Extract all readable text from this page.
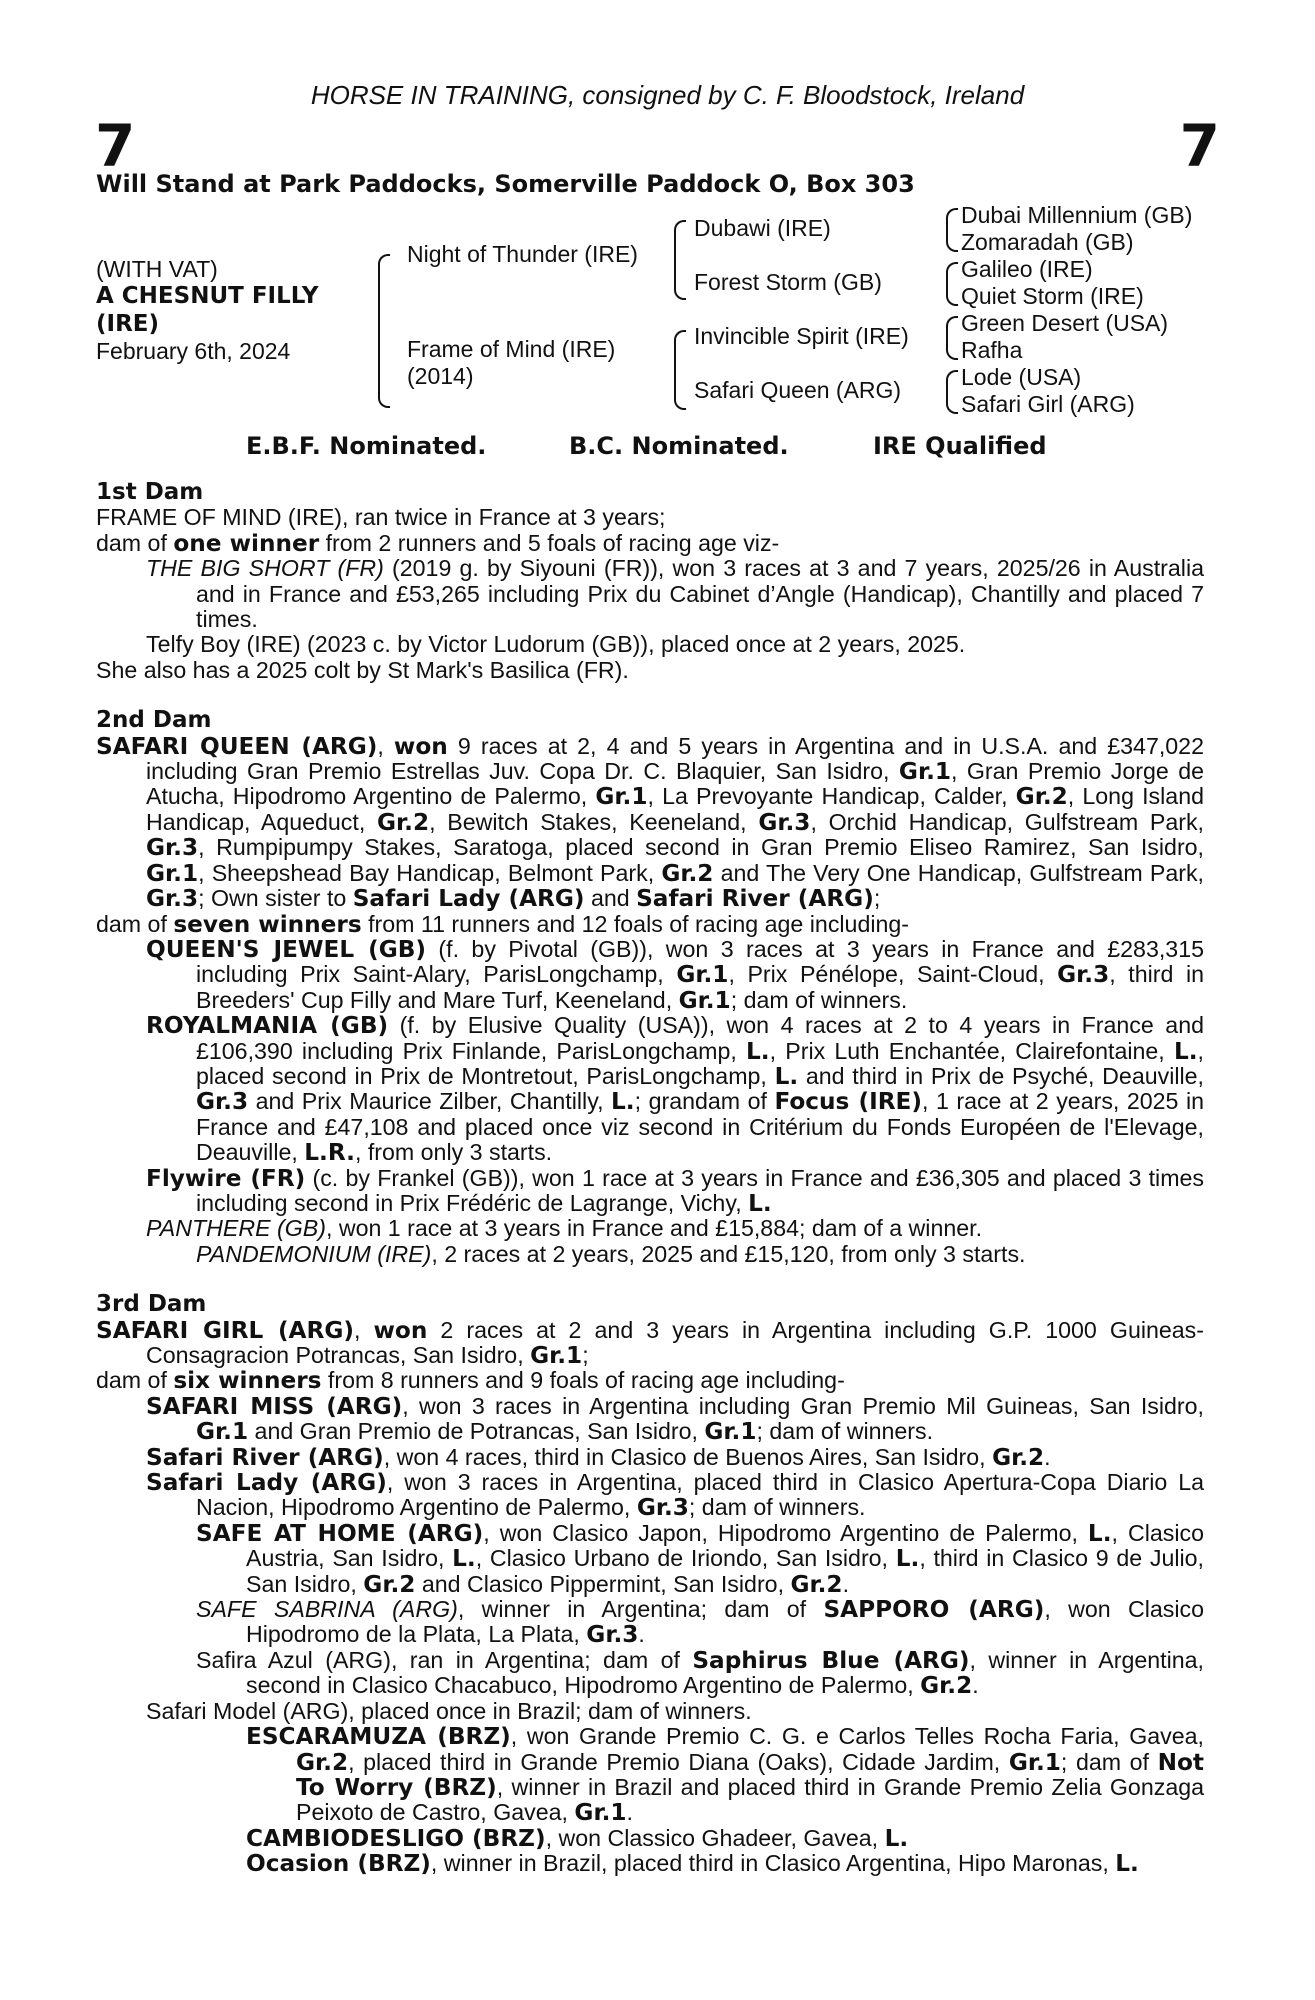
HORSE IN TRAINING, consigned by C. F. Bloodstock, Ireland
7	7
Will Stand at Park Paddocks, Somerville Paddock O, Box 303
(WITH VAT)
A CHESNUT FILLY
(IRE)
February 6th, 2024
Night of Thunder (IRE)
Frame of Mind (IRE)
(2014)
Dubawi (IRE)
Forest Storm (GB)
Invincible Spirit (IRE)
Safari Queen (ARG)
Dubai Millennium (GB)
Zomaradah (GB)
Galileo (IRE)
Quiet Storm (IRE)
Green Desert (USA)
Rafha
Lode (USA)
Safari Girl (ARG)
E.B.F. Nominated.	B.C. Nominated.	IRE Qualified
1st Dam
FRAME OF MIND (IRE), ran twice in France at 3 years;
dam of one winner from 2 runners and 5 foals of racing age viz-
THE BIG SHORT (FR) (2019 g. by Siyouni (FR)), won 3 races at 3 and 7 years, 2025/26 in Australia and in France and £53,265 including Prix du Cabinet d’Angle (Handicap), Chantilly and placed 7 times.
Telfy Boy (IRE) (2023 c. by Victor Ludorum (GB)), placed once at 2 years, 2025.
She also has a 2025 colt by St Mark's Basilica (FR).
2nd Dam
SAFARI QUEEN (ARG), won 9 races at 2, 4 and 5 years in Argentina and in U.S.A. and £347,022 including Gran Premio Estrellas Juv. Copa Dr. C. Blaquier, San Isidro, Gr.1, Gran Premio Jorge de Atucha, Hipodromo Argentino de Palermo, Gr.1, La Prevoyante Handicap, Calder, Gr.2, Long Island Handicap, Aqueduct, Gr.2, Bewitch Stakes, Keeneland, Gr.3, Orchid Handicap, Gulfstream Park, Gr.3, Rumpipumpy Stakes, Saratoga, placed second in Gran Premio Eliseo Ramirez, San Isidro, Gr.1, Sheepshead Bay Handicap, Belmont Park, Gr.2 and The Very One Handicap, Gulfstream Park, Gr.3; Own sister to Safari Lady (ARG) and Safari River (ARG);
dam of seven winners from 11 runners and 12 foals of racing age including-
QUEEN'S JEWEL (GB) (f. by Pivotal (GB)), won 3 races at 3 years in France and £283,315 including Prix Saint-Alary, ParisLongchamp, Gr.1, Prix Pénélope, Saint-Cloud, Gr.3, third in Breeders' Cup Filly and Mare Turf, Keeneland, Gr.1; dam of winners.
ROYALMANIA (GB) (f. by Elusive Quality (USA)), won 4 races at 2 to 4 years in France and £106,390 including Prix Finlande, ParisLongchamp, L., Prix Luth Enchantée, Clairefontaine, L., placed second in Prix de Montretout, ParisLongchamp, L. and third in Prix de Psyché, Deauville, Gr.3 and Prix Maurice Zilber, Chantilly, L.; grandam of Focus (IRE), 1 race at 2 years, 2025 in France and £47,108 and placed once viz second in Critérium du Fonds Européen de l'Elevage, Deauville, L.R., from only 3 starts.
Flywire (FR) (c. by Frankel (GB)), won 1 race at 3 years in France and £36,305 and placed 3 times including second in Prix Frédéric de Lagrange, Vichy, L.
PANTHERE (GB), won 1 race at 3 years in France and £15,884; dam of a winner.
PANDEMONIUM (IRE), 2 races at 2 years, 2025 and £15,120, from only 3 starts.
3rd Dam
SAFARI GIRL (ARG), won 2 races at 2 and 3 years in Argentina including G.P. 1000 Guineas-Consagracion Potrancas, San Isidro, Gr.1;
dam of six winners from 8 runners and 9 foals of racing age including-
SAFARI MISS (ARG), won 3 races in Argentina including Gran Premio Mil Guineas, San Isidro, Gr.1 and Gran Premio de Potrancas, San Isidro, Gr.1; dam of winners.
Safari River (ARG), won 4 races, third in Clasico de Buenos Aires, San Isidro, Gr.2.
Safari Lady (ARG), won 3 races in Argentina, placed third in Clasico Apertura-Copa Diario La Nacion, Hipodromo Argentino de Palermo, Gr.3; dam of winners.
SAFE AT HOME (ARG), won Clasico Japon, Hipodromo Argentino de Palermo, L., Clasico Austria, San Isidro, L., Clasico Urbano de Iriondo, San Isidro, L., third in Clasico 9 de Julio, San Isidro, Gr.2 and Clasico Pippermint, San Isidro, Gr.2.
SAFE SABRINA (ARG), winner in Argentina; dam of SAPPORO (ARG), won Clasico Hipodromo de la Plata, La Plata, Gr.3.
Safira Azul (ARG), ran in Argentina; dam of Saphirus Blue (ARG), winner in Argentina, second in Clasico Chacabuco, Hipodromo Argentino de Palermo, Gr.2.
Safari Model (ARG), placed once in Brazil; dam of winners.
ESCARAMUZA (BRZ), won Grande Premio C. G. e Carlos Telles Rocha Faria, Gavea, Gr.2, placed third in Grande Premio Diana (Oaks), Cidade Jardim, Gr.1; dam of Not To Worry (BRZ), winner in Brazil and placed third in Grande Premio Zelia Gonzaga Peixoto de Castro, Gavea, Gr.1.
CAMBIODESLIGO (BRZ), won Classico Ghadeer, Gavea, L.
Ocasion (BRZ), winner in Brazil, placed third in Clasico Argentina, Hipo Maronas, L.
